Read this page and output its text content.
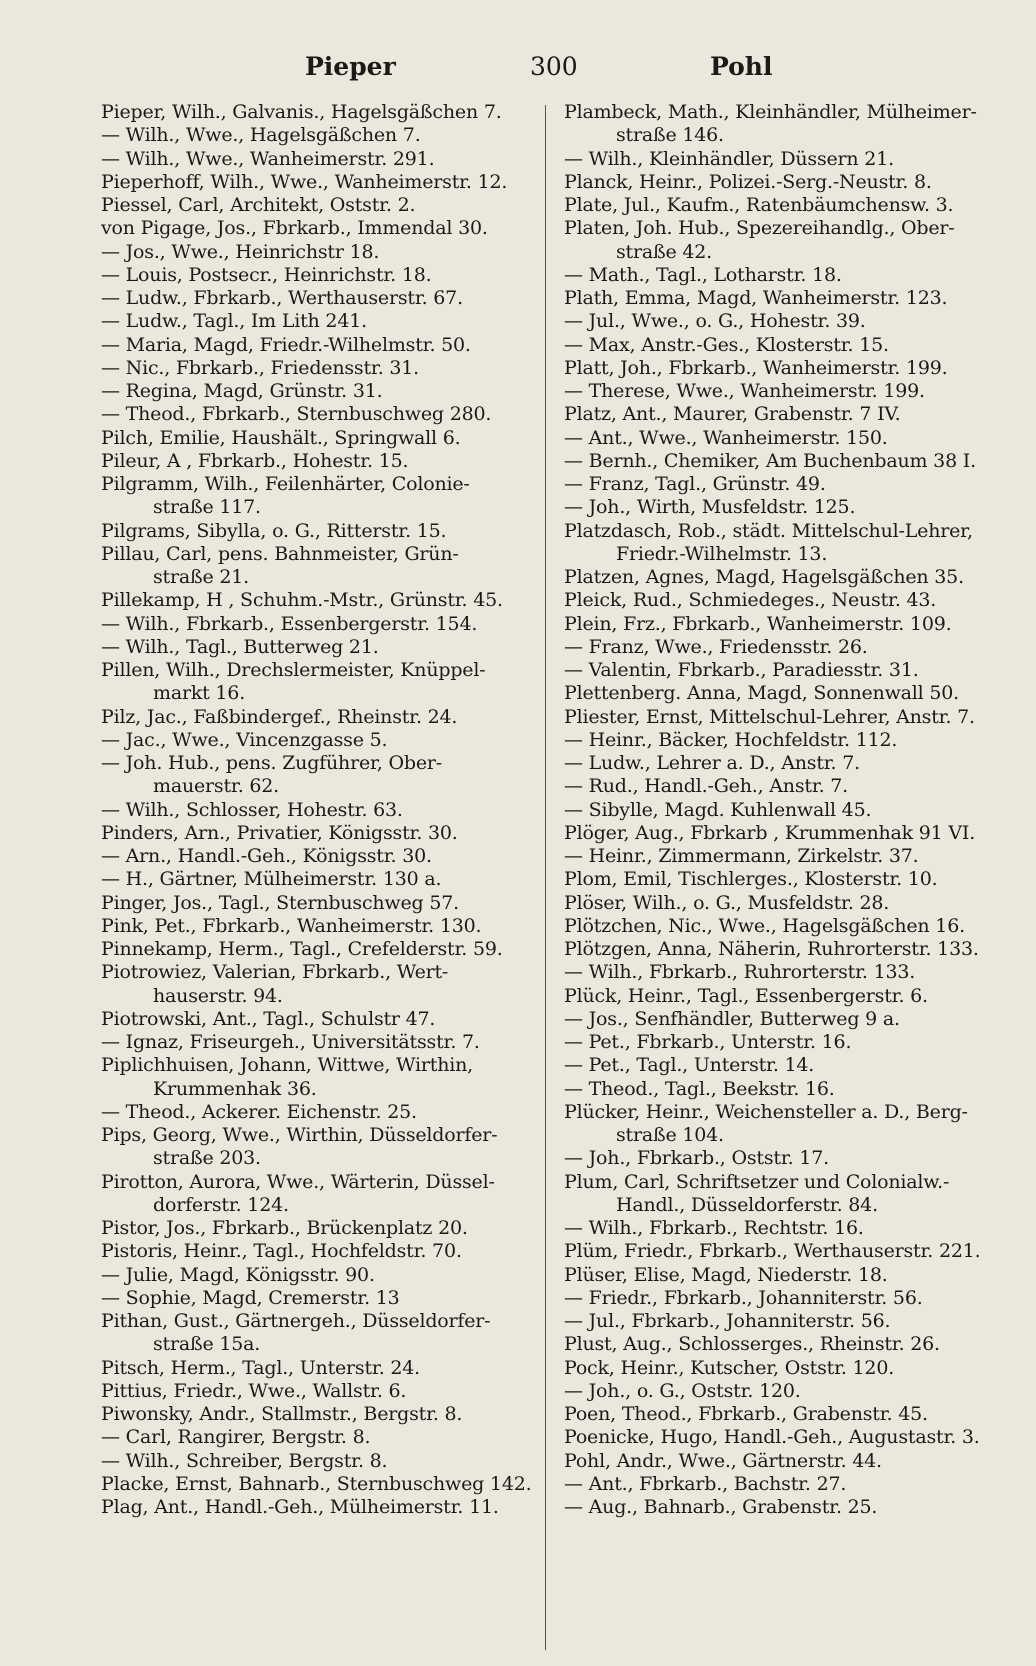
Pieper	300	Pohl
Pieper, Wilh., Galvanis., Hagelsgäßchen 7.
— Wilh., Wwe., Hagelsgäßchen 7.
— Wilh., Wwe., Wanheimerstr. 291.
Pieperhoff, Wilh., Wwe., Wanheimerstr. 12.
Piessel, Carl, Architekt, Oststr. 2.
von Pigage, Jos., Fbrkarb., Immendal 30.
— Jos., Wwe., Heinrichstr 18.
— Louis, Postsecr., Heinrichstr. 18.
— Ludw., Fbrkarb., Werthauserstr. 67.
— Ludw., Tagl., Im Lith 241.
— Maria, Magd, Friedr.-Wilhelmstr. 50.
— Nic., Fbrkarb., Friedensstr. 31.
— Regina, Magd, Grünstr. 31.
— Theod., Fbrkarb., Sternbuschweg 280.
Pilch, Emilie, Haushält., Springwall 6.
Pileur, A , Fbrkarb., Hohestr. 15.
Pilgramm, Wilh., Feilenhärter, Colonie-
straße 117.
Pilgrams, Sibylla, o. G., Ritterstr. 15.
Pillau, Carl, pens. Bahnmeister, Grün-
straße 21.
Pillekamp, H , Schuhm.-Mstr., Grünstr. 45.
— Wilh., Fbrkarb., Essenbergerstr. 154.
— Wilh., Tagl., Butterweg 21.
Pillen, Wilh., Drechslermeister, Knüppel-
markt 16.
Pilz, Jac., Faßbindergef., Rheinstr. 24.
— Jac., Wwe., Vincenzgasse 5.
— Joh. Hub., pens. Zugführer, Ober-
mauerstr. 62.
— Wilh., Schlosser, Hohestr. 63.
Pinders, Arn., Privatier, Königsstr. 30.
— Arn., Handl.-Geh., Königsstr. 30.
— H., Gärtner, Mülheimerstr. 130 a.
Pinger, Jos., Tagl., Sternbuschweg 57.
Pink, Pet., Fbrkarb., Wanheimerstr. 130.
Pinnekamp, Herm., Tagl., Crefelderstr. 59.
Piotrowiez, Valerian, Fbrkarb., Wert-
hauserstr. 94.
Piotrowski, Ant., Tagl., Schulstr 47.
— Ignaz, Friseurgeh., Universitätsstr. 7.
Piplichhuisen, Johann, Wittwe, Wirthin,
Krummenhak 36.
— Theod., Ackerer. Eichenstr. 25.
Pips, Georg, Wwe., Wirthin, Düsseldorfer-
straße 203.
Pirotton, Aurora, Wwe., Wärterin, Düssel-
dorferstr. 124.
Pistor, Jos., Fbrkarb., Brückenplatz 20.
Pistoris, Heinr., Tagl., Hochfeldstr. 70.
— Julie, Magd, Königsstr. 90.
— Sophie, Magd, Cremerstr. 13
Pithan, Gust., Gärtnergeh., Düsseldorfer-
straße 15a.
Pitsch, Herm., Tagl., Unterstr. 24.
Pittius, Friedr., Wwe., Wallstr. 6.
Piwonsky, Andr., Stallmstr., Bergstr. 8.
— Carl, Rangirer, Bergstr. 8.
— Wilh., Schreiber, Bergstr. 8.
Placke, Ernst, Bahnarb., Sternbuschweg 142.
Plag, Ant., Handl.-Geh., Mülheimerstr. 11.
Plambeck, Math., Kleinhändler, Mülheimer-
straße 146.
— Wilh., Kleinhändler, Düssern 21.
Planck, Heinr., Polizei.-Serg.-Neustr. 8.
Plate, Jul., Kaufm., Ratenbäumchensw. 3.
Platen, Joh. Hub., Spezereihandlg., Ober-
straße 42.
— Math., Tagl., Lotharstr. 18.
Plath, Emma, Magd, Wanheimerstr. 123.
— Jul., Wwe., o. G., Hohestr. 39.
— Max, Anstr.-Ges., Klosterstr. 15.
Platt, Joh., Fbrkarb., Wanheimerstr. 199.
— Therese, Wwe., Wanheimerstr. 199.
Platz, Ant., Maurer, Grabenstr. 7 IV.
— Ant., Wwe., Wanheimerstr. 150.
— Bernh., Chemiker, Am Buchenbaum 38 I.
— Franz, Tagl., Grünstr. 49.
— Joh., Wirth, Musfeldstr. 125.
Platzdasch, Rob., städt. Mittelschul-Lehrer,
Friedr.-Wilhelmstr. 13.
Platzen, Agnes, Magd, Hagelsgäßchen 35.
Pleick, Rud., Schmiedeges., Neustr. 43.
Plein, Frz., Fbrkarb., Wanheimerstr. 109.
— Franz, Wwe., Friedensstr. 26.
— Valentin, Fbrkarb., Paradiesstr. 31.
Plettenberg. Anna, Magd, Sonnenwall 50.
Pliester, Ernst, Mittelschul-Lehrer, Anstr. 7.
— Heinr., Bäcker, Hochfeldstr. 112.
— Ludw., Lehrer a. D., Anstr. 7.
— Rud., Handl.-Geh., Anstr. 7.
— Sibylle, Magd. Kuhlenwall 45.
Plöger, Aug., Fbrkarb , Krummenhak 91 VI.
— Heinr., Zimmermann, Zirkelstr. 37.
Plom, Emil, Tischlerges., Klosterstr. 10.
Plöser, Wilh., o. G., Musfeldstr. 28.
Plötzchen, Nic., Wwe., Hagelsgäßchen 16.
Plötzgen, Anna, Näherin, Ruhrorterstr. 133.
— Wilh., Fbrkarb., Ruhrorterstr. 133.
Plück, Heinr., Tagl., Essenbergerstr. 6.
— Jos., Senfhändler, Butterweg 9 a.
— Pet., Fbrkarb., Unterstr. 16.
— Pet., Tagl., Unterstr. 14.
— Theod., Tagl., Beekstr. 16.
Plücker, Heinr., Weichensteller a. D., Berg-
straße 104.
— Joh., Fbrkarb., Oststr. 17.
Plum, Carl, Schriftsetzer und Colonialw.-
Handl., Düsseldorferstr. 84.
— Wilh., Fbrkarb., Rechtstr. 16.
Plüm, Friedr., Fbrkarb., Werthauserstr. 221.
Plüser, Elise, Magd, Niederstr. 18.
— Friedr., Fbrkarb., Johanniterstr. 56.
— Jul., Fbrkarb., Johanniterstr. 56.
Plust, Aug., Schlosserges., Rheinstr. 26.
Pock, Heinr., Kutscher, Oststr. 120.
— Joh., o. G., Oststr. 120.
Poen, Theod., Fbrkarb., Grabenstr. 45.
Poenicke, Hugo, Handl.-Geh., Augustastr. 3.
Pohl, Andr., Wwe., Gärtnerstr. 44.
— Ant., Fbrkarb., Bachstr. 27.
— Aug., Bahnarb., Grabenstr. 25.
